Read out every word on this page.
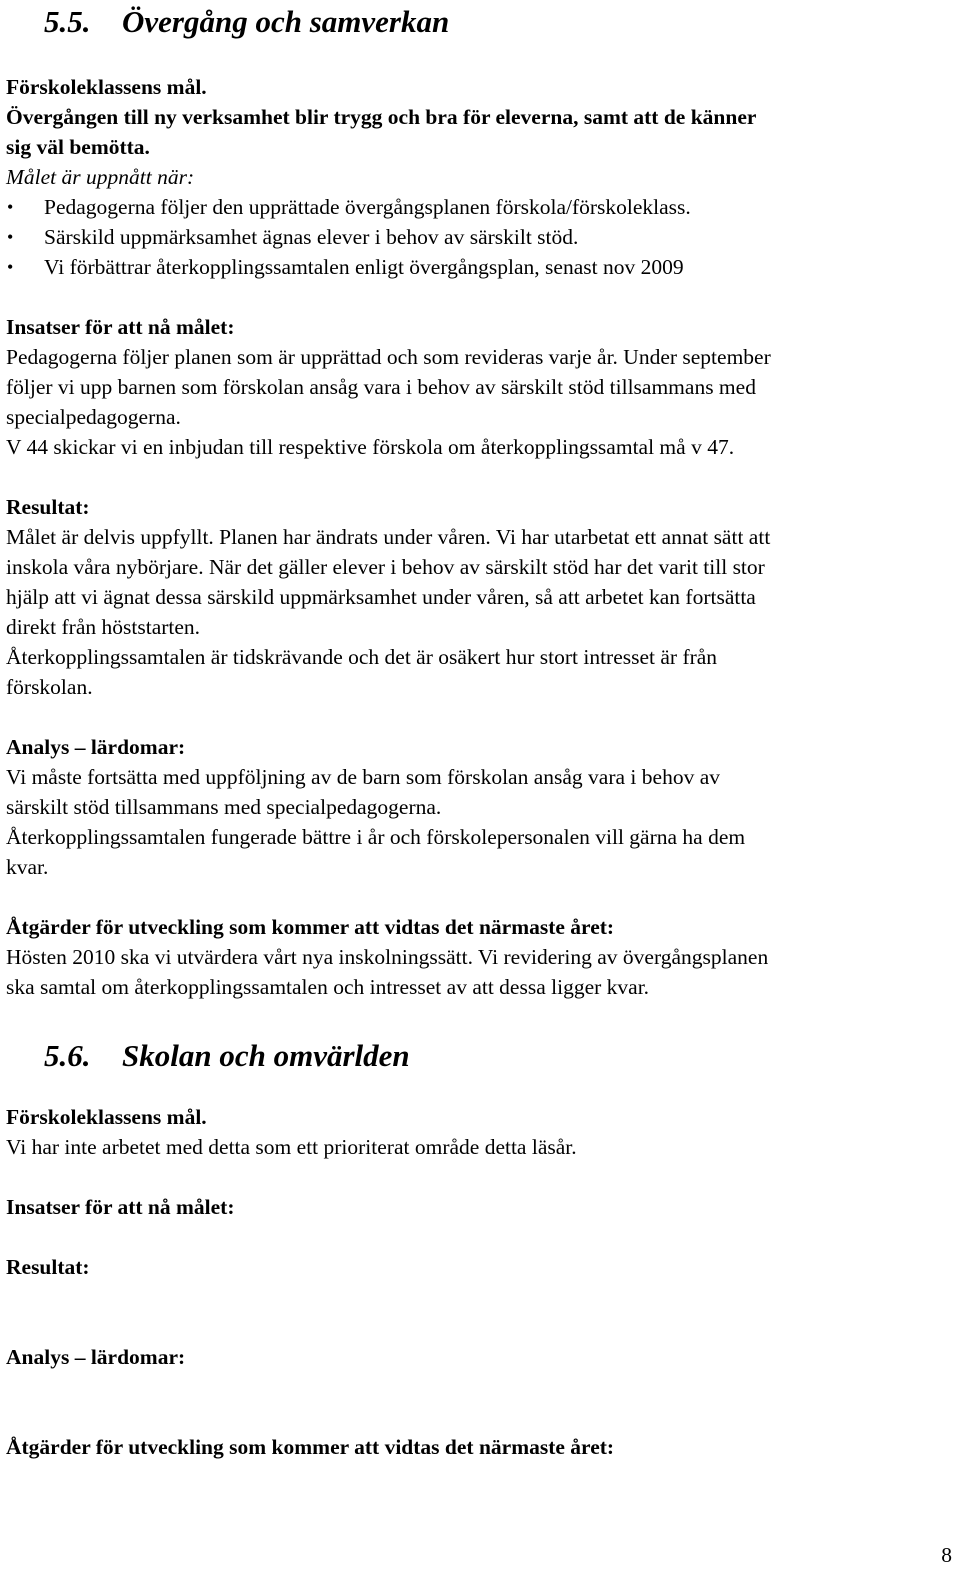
5.5. Övergång och samverkan

Förskoleklassens mål.

Övergången till ny verksamhet blir trygg och bra för eleverna, samt att de känner

sig väl bemötta.

Målet är uppnått när:

• Pedagogerna följer den upprättade övergångsplanen förskola/förskoleklass.
• Särskild uppmärksamhet ägnas elever i behov av särskilt stöd.
• Vi förbättrar återkopplingssamtalen enligt övergångsplan, senast nov 2009

Insatser för att nå målet:

Pedagogerna följer planen som är upprättad och som revideras varje år. Under september

följer vi upp barnen som förskolan ansåg vara i behov av särskilt stöd tillsammans med

specialpedagogerna.

V 44 skickar vi en inbjudan till respektive förskola om återkopplingssamtal må v 47.

Resultat:

Målet är delvis uppfyllt. Planen har ändrats under våren. Vi har utarbetat ett annat sätt att

inskola våra nybörjare. När det gäller elever i behov av särskilt stöd har det varit till stor

hjälp att vi ägnat dessa särskild uppmärksamhet under våren, så att arbetet kan fortsätta

direkt från höststarten.

Återkopplingssamtalen är tidskrävande och det är osäkert hur stort intresset är från

förskolan.

Analys – lärdomar:

Vi måste fortsätta med uppföljning av de barn som förskolan ansåg vara i behov av

särskilt stöd tillsammans med specialpedagogerna.

Återkopplingssamtalen fungerade bättre i år och förskolepersonalen vill gärna ha dem

kvar.

Åtgärder för utveckling som kommer att vidtas det närmaste året:

Hösten 2010 ska vi utvärdera vårt nya inskolningssätt. Vi revidering av övergångsplanen

ska samtal om återkopplingssamtalen och intresset av att dessa ligger kvar.

5.6. Skolan och omvärlden

Förskoleklassens mål.

Vi har inte arbetet med detta som ett prioriterat område detta läsår.

Insatser för att nå målet:

Resultat:

Analys – lärdomar:

Åtgärder för utveckling som kommer att vidtas det närmaste året:

8
